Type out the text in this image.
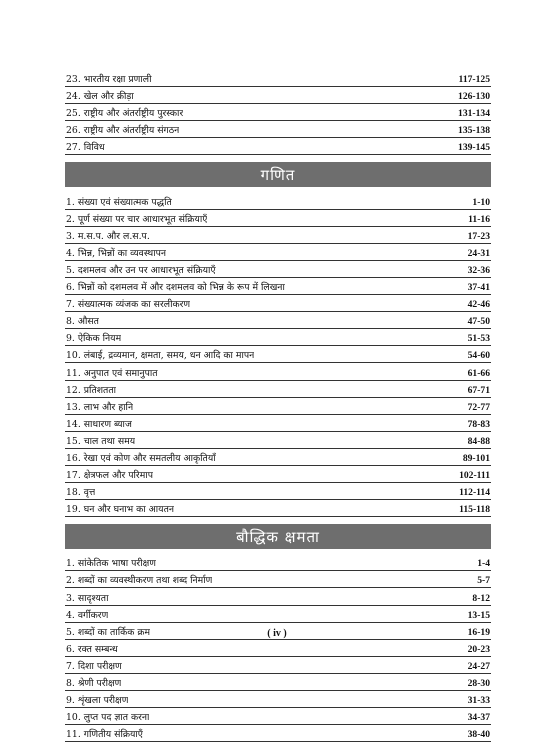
23. भारतीय रक्षा प्रणाली	117-125
24. खेल और क्रीड़ा	126-130
25. राष्ट्रीय और अंतर्राष्ट्रीय पुरस्कार	131-134
26. राष्ट्रीय और अंतर्राष्ट्रीय संगठन	135-138
27. विविध	139-145
गणित
1. संख्या एवं संख्यात्मक पद्धति	1-10
2. पूर्ण संख्या पर चार आधारभूत संक्रियाएँ	11-16
3. म.स.प. और ल.स.प.	17-23
4. भिन्न, भिन्नों का व्यवस्थापन	24-31
5. दशमलव और उन पर आधारभूत संक्रियाएँ	32-36
6. भिन्नों को दशमलव में और दशमलव को भिन्न के रूप में लिखना	37-41
7. संख्यात्मक व्यंजक का सरलीकरण	42-46
8. औसत	47-50
9. ऐकिक नियम	51-53
10. लंबाई, द्रव्यमान, क्षमता, समय, धन आदि का मापन	54-60
11. अनुपात एवं समानुपात	61-66
12. प्रतिशतता	67-71
13. लाभ और हानि	72-77
14. साधारण ब्याज	78-83
15. चाल तथा समय	84-88
16. रेखा एवं कोण और समतलीय आकृतियाँ	89-101
17. क्षेत्रफल और परिमाप	102-111
18. वृत्त	112-114
19. घन और घनाभ का आयतन	115-118
बौद्धिक क्षमता
1. सांकेतिक भाषा परीक्षण	1-4
2. शब्दों का व्यवस्थीकरण तथा शब्द निर्माण	5-7
3. सादृश्यता	8-12
4. वर्गीकरण	13-15
5. शब्दों का तार्किक क्रम	16-19
6. रक्त सम्बन्ध	20-23
7. दिशा परीक्षण	24-27
8. श्रेणी परीक्षण	28-30
9. शृंखला परीक्षण	31-33
10. लुप्त पद ज्ञात करना	34-37
11. गणितीय संक्रियाएँ	38-40
( iv )
